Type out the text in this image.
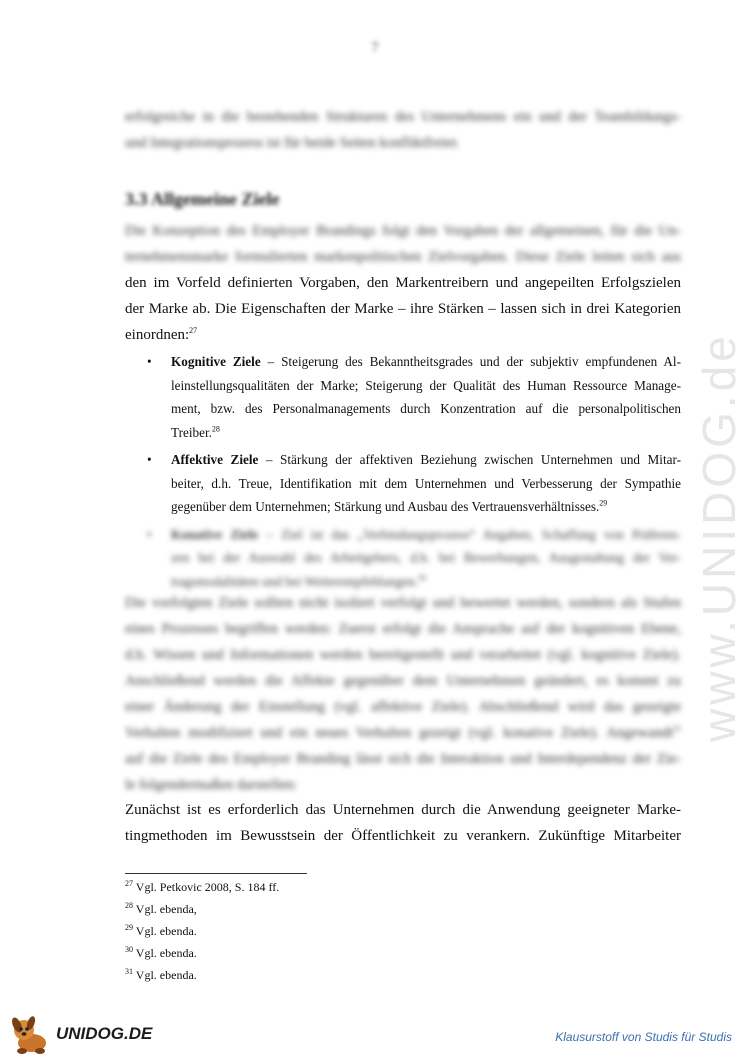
7
erfolgreiche in die bestehenden Strukturen des Unternehmens ein und der Teambildungs-
und Integrationsprozess ist für beide Seiten konfliktfreier.
3.3 Allgemeine Ziele
Die Konzeption des Employer Brandings folgt den Vorgaben der allgemeinen, für die Un-
ternehmensmarke formulierten markenpolitischen Zielvorgaben. Diese Ziele leiten sich aus
den im Vorfeld definierten Vorgaben, den Markentreibern und angepeilten Erfolgszielen
der Marke ab. Die Eigenschaften der Marke – ihre Stärken – lassen sich in drei Kategorien
einordnen:$^{27}$
• Kognitive Ziele – Steigerung des Bekanntheitsgrades und der subjektiv empfundenen Al-
leinstellungsqualitäten der Marke; Steigerung der Qualität des Human Ressource Manage-
ment, bzw. des Personalmanagements durch Konzentration auf die personalpolitischen
Treiber.$^{28}$
• Affektive Ziele – Stärkung der affektiven Beziehung zwischen Unternehmen und Mitar-
beiter, d.h. Treue, Identifikation mit dem Unternehmen und Verbesserung der Sympathie
gegenüber dem Unternehmen; Stärkung und Ausbau des Vertrauensverhältnisses.$^{29}$
• Konative Ziele – Ziel ist das „Verbindungsprozess“ Angaben, Schaffung von Präferen-
zen bei der Auswahl des Arbeitgebers, d.h. bei Bewerbungen, Ausgestaltung der Ver-
tragsmodalitäten und bei Weiterempfehlungen.$^{30}$
Die vorfolgten Ziele sollten nicht isoliert verfolgt und bewertet werden, sondern als Stufen
eines Prozesses begriffen werden: Zuerst erfolgt die Ansprache auf der kognitiven Ebene,
d.h. Wissen und Informationen werden bereitgestellt und verarbeitet (vgl. kognitive Ziele).
Anschließend werden die Affekte gegenüber dem Unternehmen geändert, es kommt zu
einer Änderung der Einstellung (vgl. affektive Ziele). Abschließend wird das gezeigte
Verhalten modifiziert und ein neues Verhalten gezeigt (vgl. konative Ziele). Angewandt$^{31}$
auf die Ziele des Employer Branding lässt sich die Interaktion und Interdependenz der Zie-
le folgendermaßen darstellen:
Zunächst ist es erforderlich das Unternehmen durch die Anwendung geeigneter Marke-
tingmethoden im Bewusstsein der Öffentlichkeit zu verankern. Zukünftige Mitarbeiter
$^{27}$ Vgl. Petkovic 2008, S. 184 ff.
$^{28}$ Vgl. ebenda,
$^{29}$ Vgl. ebenda.
$^{30}$ Vgl. ebenda.
$^{31}$ Vgl. ebenda.
www.UNIDOG.de
UNIDOG.DE	Klausurstoff von Studis für Studis
